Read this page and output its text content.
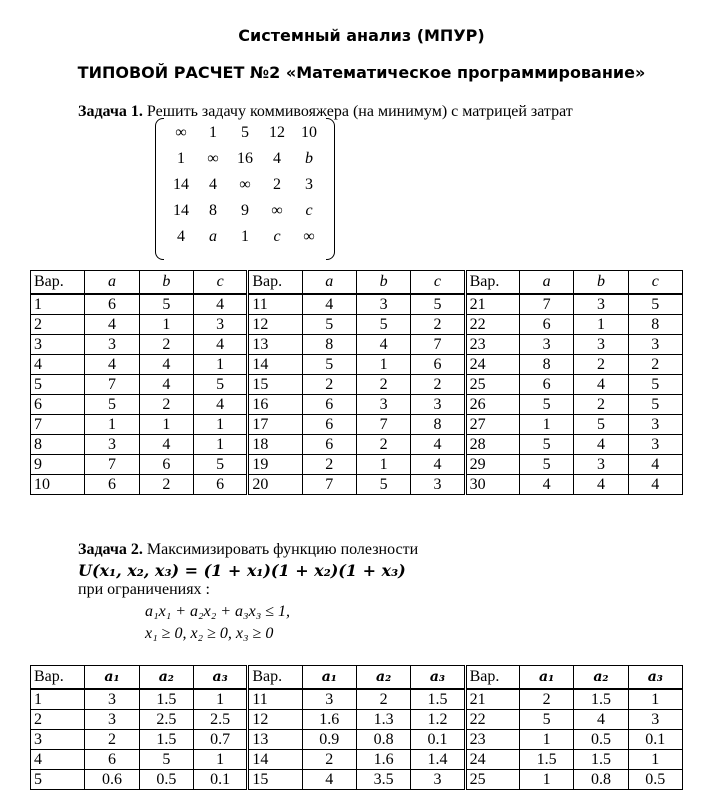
Системный анализ (МПУР)
ТИПОВОЙ РАСЧЕТ №2 «Математическое программирование»
Задача 1. Решить задачу коммивояжера (на минимум) с матрицей затрат
∞	1	5	12	10
1	∞	16	4	b
14	4	∞	2	3
14	8	9	∞	c
4	a	1	c	∞
Вар.	a	b	c	Вар.	a	b	c	Вар.	a	b	c
1	6	5	4	11	4	3	5	21	7	3	5
2	4	1	3	12	5	5	2	22	6	1	8
3	3	2	4	13	8	4	7	23	3	3	3
4	4	4	1	14	5	1	6	24	8	2	2
5	7	4	5	15	2	2	2	25	6	4	5
6	5	2	4	16	6	3	3	26	5	2	5
7	1	1	1	17	6	7	8	27	1	5	3
8	3	4	1	18	6	2	4	28	5	4	3
9	7	6	5	19	2	1	4	29	5	3	4
10	6	2	6	20	7	5	3	30	4	4	4
Задача 2. Максимизировать функцию полезности
U(x₁, x₂, x₃) = (1 + x₁)(1 + x₂)(1 + x₃)
при ограничениях :
a₁x₁ + a₂x₂ + a₃x₃ ≤ 1,
x₁ ≥ 0, x₂ ≥ 0, x₃ ≥ 0
Вар.	a₁	a₂	a₃	Вар.	a₁	a₂	a₃	Вар.	a₁	a₂	a₃
1	3	1.5	1	11	3	2	1.5	21	2	1.5	1
2	3	2.5	2.5	12	1.6	1.3	1.2	22	5	4	3
3	2	1.5	0.7	13	0.9	0.8	0.1	23	1	0.5	0.1
4	6	5	1	14	2	1.6	1.4	24	1.5	1.5	1
5	0.6	0.5	0.1	15	4	3.5	3	25	1	0.8	0.5
